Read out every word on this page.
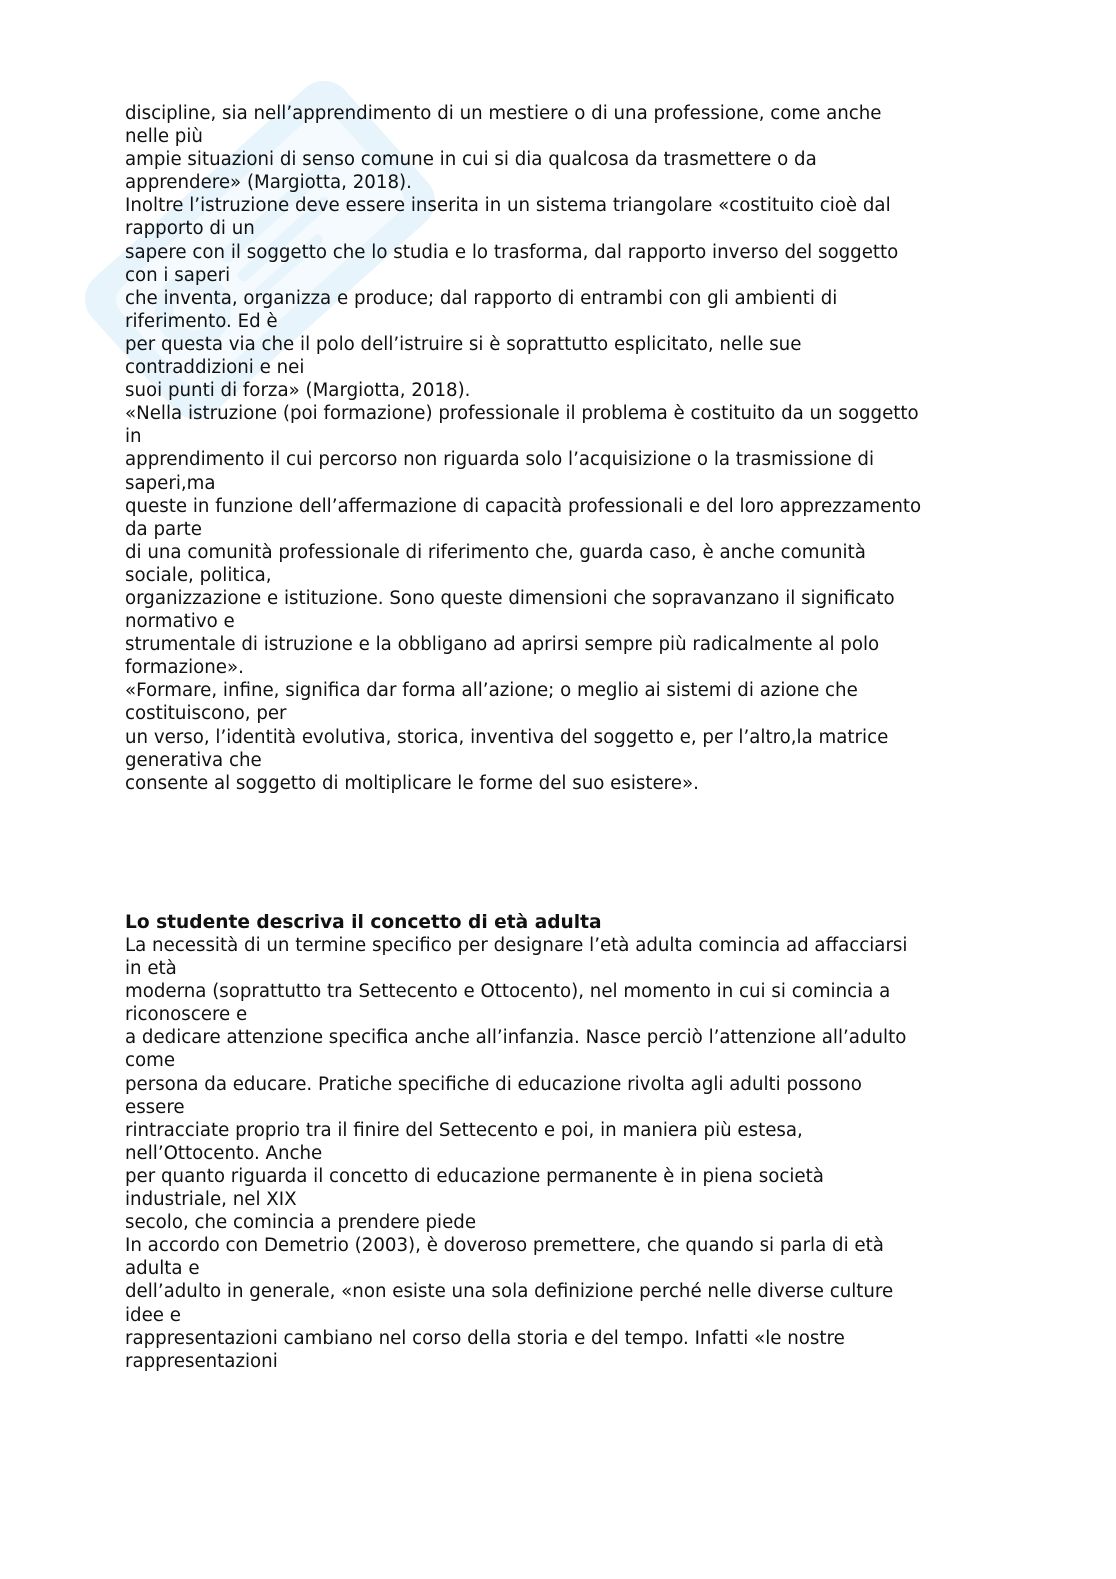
discipline, sia nell’apprendimento di un mestiere o di una professione, come anche
nelle più
ampie situazioni di senso comune in cui si dia qualcosa da trasmettere o da
apprendere» (Margiotta, 2018).
Inoltre l’istruzione deve essere inserita in un sistema triangolare «costituito cioè dal
rapporto di un
sapere con il soggetto che lo studia e lo trasforma, dal rapporto inverso del soggetto
con i saperi
che inventa, organizza e produce; dal rapporto di entrambi con gli ambienti di
riferimento. Ed è
per questa via che il polo dell’istruire si è soprattutto esplicitato, nelle sue
contraddizioni e nei
suoi punti di forza» (Margiotta, 2018).
«Nella istruzione (poi formazione) professionale il problema è costituito da un soggetto
in
apprendimento il cui percorso non riguarda solo l’acquisizione o la trasmissione di
saperi,ma
queste in funzione dell’affermazione di capacità professionali e del loro apprezzamento
da parte
di una comunità professionale di riferimento che, guarda caso, è anche comunità
sociale, politica,
organizzazione e istituzione. Sono queste dimensioni che sopravanzano il significato
normativo e
strumentale di istruzione e la obbligano ad aprirsi sempre più radicalmente al polo
formazione».
«Formare, infine, significa dar forma all’azione; o meglio ai sistemi di azione che
costituiscono, per
un verso, l’identità evolutiva, storica, inventiva del soggetto e, per l’altro,la matrice
generativa che
consente al soggetto di moltiplicare le forme del suo esistere».
Lo studente descriva il concetto di età adulta
La necessità di un termine specifico per designare l’età adulta comincia ad affacciarsi
in età
moderna (soprattutto tra Settecento e Ottocento), nel momento in cui si comincia a
riconoscere e
a dedicare attenzione specifica anche all’infanzia. Nasce perciò l’attenzione all’adulto
come
persona da educare. Pratiche specifiche di educazione rivolta agli adulti possono
essere
rintracciate proprio tra il finire del Settecento e poi, in maniera più estesa,
nell’Ottocento. Anche
per quanto riguarda il concetto di educazione permanente è in piena società
industriale, nel XIX
secolo, che comincia a prendere piede
In accordo con Demetrio (2003), è doveroso premettere, che quando si parla di età
adulta e
dell’adulto in generale, «non esiste una sola definizione perché nelle diverse culture
idee e
rappresentazioni cambiano nel corso della storia e del tempo. Infatti «le nostre
rappresentazioni
